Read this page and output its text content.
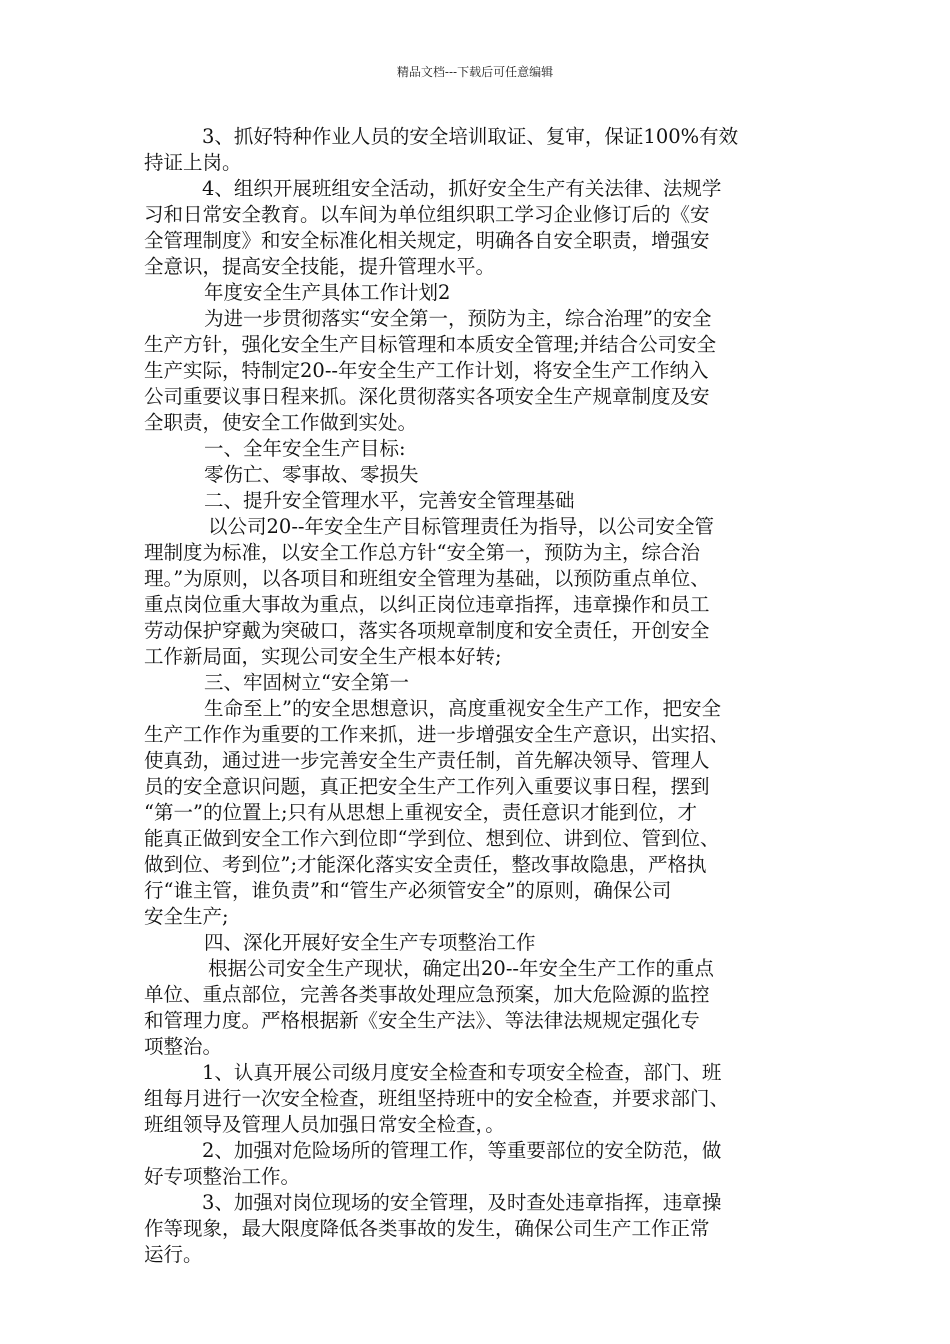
精品文档---下载后可任意编辑
3、抓好特种作业人员的安全培训取证、复审，保证100%有效
持证上岗。
4、组织开展班组安全活动，抓好安全生产有关法律、法规学
习和日常安全教育。以车间为单位组织职工学习企业修订后的《安
全管理制度》和安全标准化相关规定，明确各自安全职责，增强安
全意识，提高安全技能，提升管理水平。
年度安全生产具体工作计划2
为进一步贯彻落实“安全第一，预防为主，综合治理”的安全
生产方针，强化安全生产目标管理和本质安全管理;并结合公司安全
生产实际，特制定20--年安全生产工作计划，将安全生产工作纳入
公司重要议事日程来抓。深化贯彻落实各项安全生产规章制度及安
全职责，使安全工作做到实处。
一、全年安全生产目标:
零伤亡、零事故、零损失
二、提升安全管理水平，完善安全管理基础
以公司20--年安全生产目标管理责任为指导，以公司安全管
理制度为标准，以安全工作总方针“安全第一，预防为主，综合治
理。”为原则，以各项目和班组安全管理为基础，以预防重点单位、
重点岗位重大事故为重点，以纠正岗位违章指挥，违章操作和员工
劳动保护穿戴为突破口，落实各项规章制度和安全责任，开创安全
工作新局面，实现公司安全生产根本好转;
三、牢固树立“安全第一
生命至上”的安全思想意识，高度重视安全生产工作，把安全
生产工作作为重要的工作来抓，进一步增强安全生产意识，出实招、
使真劲，通过进一步完善安全生产责任制，首先解决领导、管理人
员的安全意识问题，真正把安全生产工作列入重要议事日程，摆到
“第一”的位置上;只有从思想上重视安全，责任意识才能到位，才
能真正做到安全工作六到位即“学到位、想到位、讲到位、管到位、
做到位、考到位”;才能深化落实安全责任，整改事故隐患，严格执
行“谁主管，谁负责”和“管生产必须管安全”的原则，确保公司
安全生产;
四、深化开展好安全生产专项整治工作
根据公司安全生产现状，确定出20--年安全生产工作的重点
单位、重点部位，完善各类事故处理应急预案，加大危险源的监控
和管理力度。严格根据新《安全生产法》、等法律法规规定强化专
项整治。
1、认真开展公司级月度安全检查和专项安全检查，部门、班
组每月进行一次安全检查，班组坚持班中的安全检查，并要求部门、
班组领导及管理人员加强日常安全检查，。
2、加强对危险场所的管理工作，等重要部位的安全防范，做
好专项整治工作。
3、加强对岗位现场的安全管理，及时查处违章指挥，违章操
作等现象，最大限度降低各类事故的发生，确保公司生产工作正常
运行。
